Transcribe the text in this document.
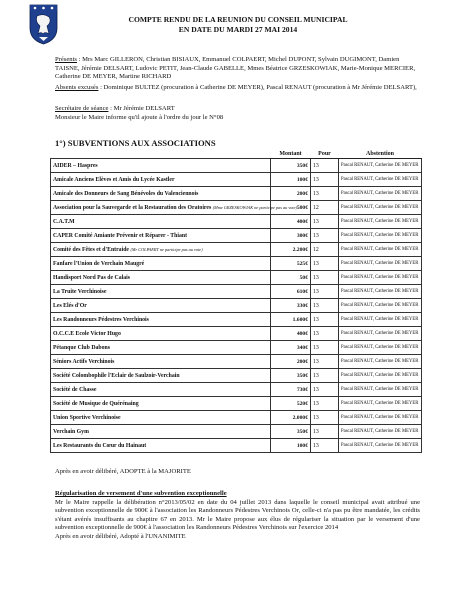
COMPTE RENDU DE LA REUNION DU CONSEIL MUNICIPAL
EN DATE DU MARDI 27 MAI 2014
Présents : Mrs Marc GILLERON, Christian BISIAUX, Emmanuel COLPAERT, Michel DUPONT, Sylvain DUGIMONT, Damien TAISNE, Jérémie DELSART, Ludovic PETIT, Jean-Claude GABELLE, Mmes Béatrice GRZESKOWIAK, Marie-Monique MERCIER, Catherine DE MEYER, Martine RICHARD
Absents excusés : Dominique BULTEZ (procuration à Catherine DE MEYER), Pascal RENAUT (procuration à Mr Jérémie DELSART),
Secrétaire de séance : Mr Jérémie DELSART
Monsieur le Maire informe qu'il ajoute à l'ordre du jour le N°08
1°) SUBVENTIONS AUX ASSOCIATIONS
	Montant	Pour	Abstention
AIDER – Haspres	350€	13	Pascal RENAUT, Catherine DE MEYER
Amicale Anciens Elèves et Amis du Lycée Kastler	100€	13	Pascal RENAUT, Catherine DE MEYER
Amicale des Donneurs de Sang Bénévoles du Valenciennois	200€	13	Pascal RENAUT, Catherine DE MEYER
Association pour la Sauvegarde et la Restauration des Oratoires (Mme GRZESKOWIAK ne participe pas au vote)	500€	12	Pascal RENAUT, Catherine DE MEYER
C.A.T.M	400€	13	Pascal RENAUT, Catherine DE MEYER
CAPER Comité Amiante Prévenir et Réparer - Thiant	300€	13	Pascal RENAUT, Catherine DE MEYER
Comité des Fêtes et d'Entraide (Mr COLPAERT ne participe pas au vote)	2.200€	12	Pascal RENAUT, Catherine DE MEYER
Fanfare l'Union de Verchain Maugré	525€	13	Pascal RENAUT, Catherine DE MEYER
Handisport Nord Pas de Calais	50€	13	Pascal RENAUT, Catherine DE MEYER
La Truite Verchinoise	610€	13	Pascal RENAUT, Catherine DE MEYER
Les Elés d'Or	330€	13	Pascal RENAUT, Catherine DE MEYER
Les Randonneurs Pédestres Verchinois	1.600€	13	Pascal RENAUT, Catherine DE MEYER
O.C.C.E Ecole Victor Hugo	400€	13	Pascal RENAUT, Catherine DE MEYER
Pétanque Club Dabons	340€	13	Pascal RENAUT, Catherine DE MEYER
Séniors Actifs Verchinois	200€	13	Pascal RENAUT, Catherine DE MEYER
Société Colombophile l'Eclair de Saulzoir-Verchain	350€	13	Pascal RENAUT, Catherine DE MEYER
Société de Chasse	730€	13	Pascal RENAUT, Catherine DE MEYER
Société de Musique de Quérénaing	520€	13	Pascal RENAUT, Catherine DE MEYER
Union Sportive Verchinoise	2.000€	13	Pascal RENAUT, Catherine DE MEYER
Verchain Gym	350€	13	Pascal RENAUT, Catherine DE MEYER
Les Restaurants du Cœur du Hainaut	100€	13	Pascal RENAUT, Catherine DE MEYER
Après en avoir délibéré, ADOPTE à la MAJORITE
Régularisation de versement d'une subvention exceptionnelle
Mr le Maire rappelle la délibération n°2013/05/02 en date du 04 juillet 2013 dans laquelle le conseil municipal avait attribué une subvention exceptionnelle de 900€ à l'association les Randonneurs Pédestres Verchinois Or, celle-ci n'a pas pu être mandatée, les crédits s'étant avérés insuffisants au chapitre 67 en 2013. Mr le Maire propose aux élus de régulariser la situation par le versement d'une subvention exceptionnelle de 900€ à l'association les Randonneurs Pédestres Verchinois sur l'exercice 2014
Après en avoir délibéré, Adopté à l'UNANIMITE
